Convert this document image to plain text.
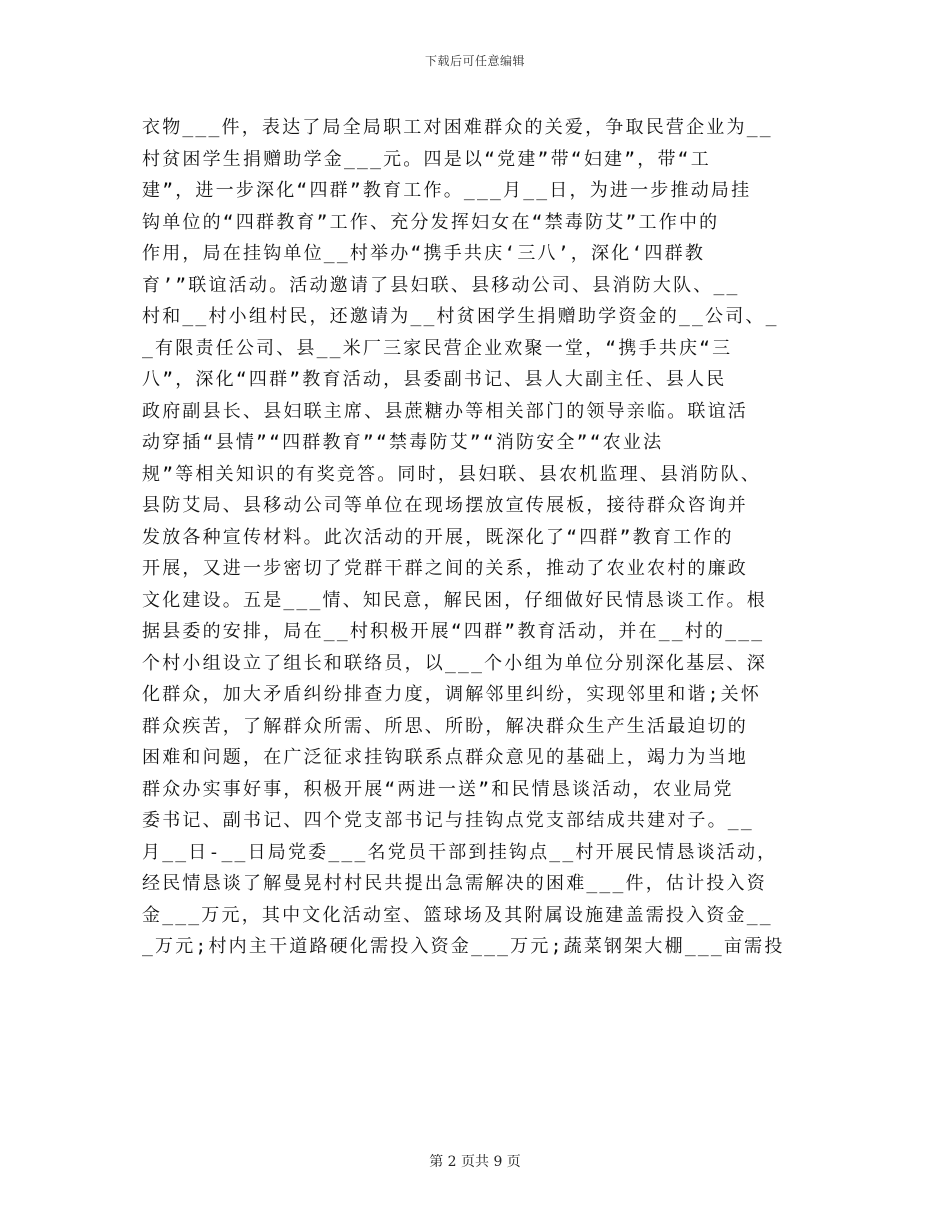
下载后可任意编辑
衣物___件，表达了局全局职工对困难群众的关爱，争取民营企业为__
村贫困学生捐赠助学金___元。四是以“党建”带“妇建”，带“工
建”，进一步深化“四群”教育工作。___月__日，为进一步推动局挂
钩单位的“四群教育”工作、充分发挥妇女在“禁毒防艾”工作中的
作用，局在挂钩单位__村举办“携手共庆‘三八’，深化‘四群教
育’”联谊活动。活动邀请了县妇联、县移动公司、县消防大队、__
村和__村小组村民，还邀请为__村贫困学生捐赠助学资金的__公司、_
_有限责任公司、县__米厂三家民营企业欢聚一堂，“携手共庆“三
八”，深化“四群”教育活动，县委副书记、县人大副主任、县人民
政府副县长、县妇联主席、县蔗糖办等相关部门的领导亲临。联谊活
动穿插“县情”“四群教育”“禁毒防艾”“消防安全”“农业法
规”等相关知识的有奖竞答。同时，县妇联、县农机监理、县消防队、
县防艾局、县移动公司等单位在现场摆放宣传展板，接待群众咨询并
发放各种宣传材料。此次活动的开展，既深化了“四群”教育工作的
开展，又进一步密切了党群干群之间的关系，推动了农业农村的廉政
文化建设。五是___情、知民意，解民困，仔细做好民情恳谈工作。根
据县委的安排，局在__村积极开展“四群”教育活动，并在__村的___
个村小组设立了组长和联络员，以___个小组为单位分别深化基层、深
化群众，加大矛盾纠纷排查力度，调解邻里纠纷，实现邻里和谐;关怀
群众疾苦，了解群众所需、所思、所盼，解决群众生产生活最迫切的
困难和问题，在广泛征求挂钩联系点群众意见的基础上，竭力为当地
群众办实事好事，积极开展“两进一送”和民情恳谈活动，农业局党
委书记、副书记、四个党支部书记与挂钩点党支部结成共建对子。__
月__日-__日局党委___名党员干部到挂钩点__村开展民情恳谈活动，
经民情恳谈了解曼晃村村民共提出急需解决的困难___件，估计投入资
金___万元，其中文化活动室、篮球场及其附属设施建盖需投入资金__
_万元;村内主干道路硬化需投入资金___万元;蔬菜钢架大棚___亩需投
第 2 页共 9 页
